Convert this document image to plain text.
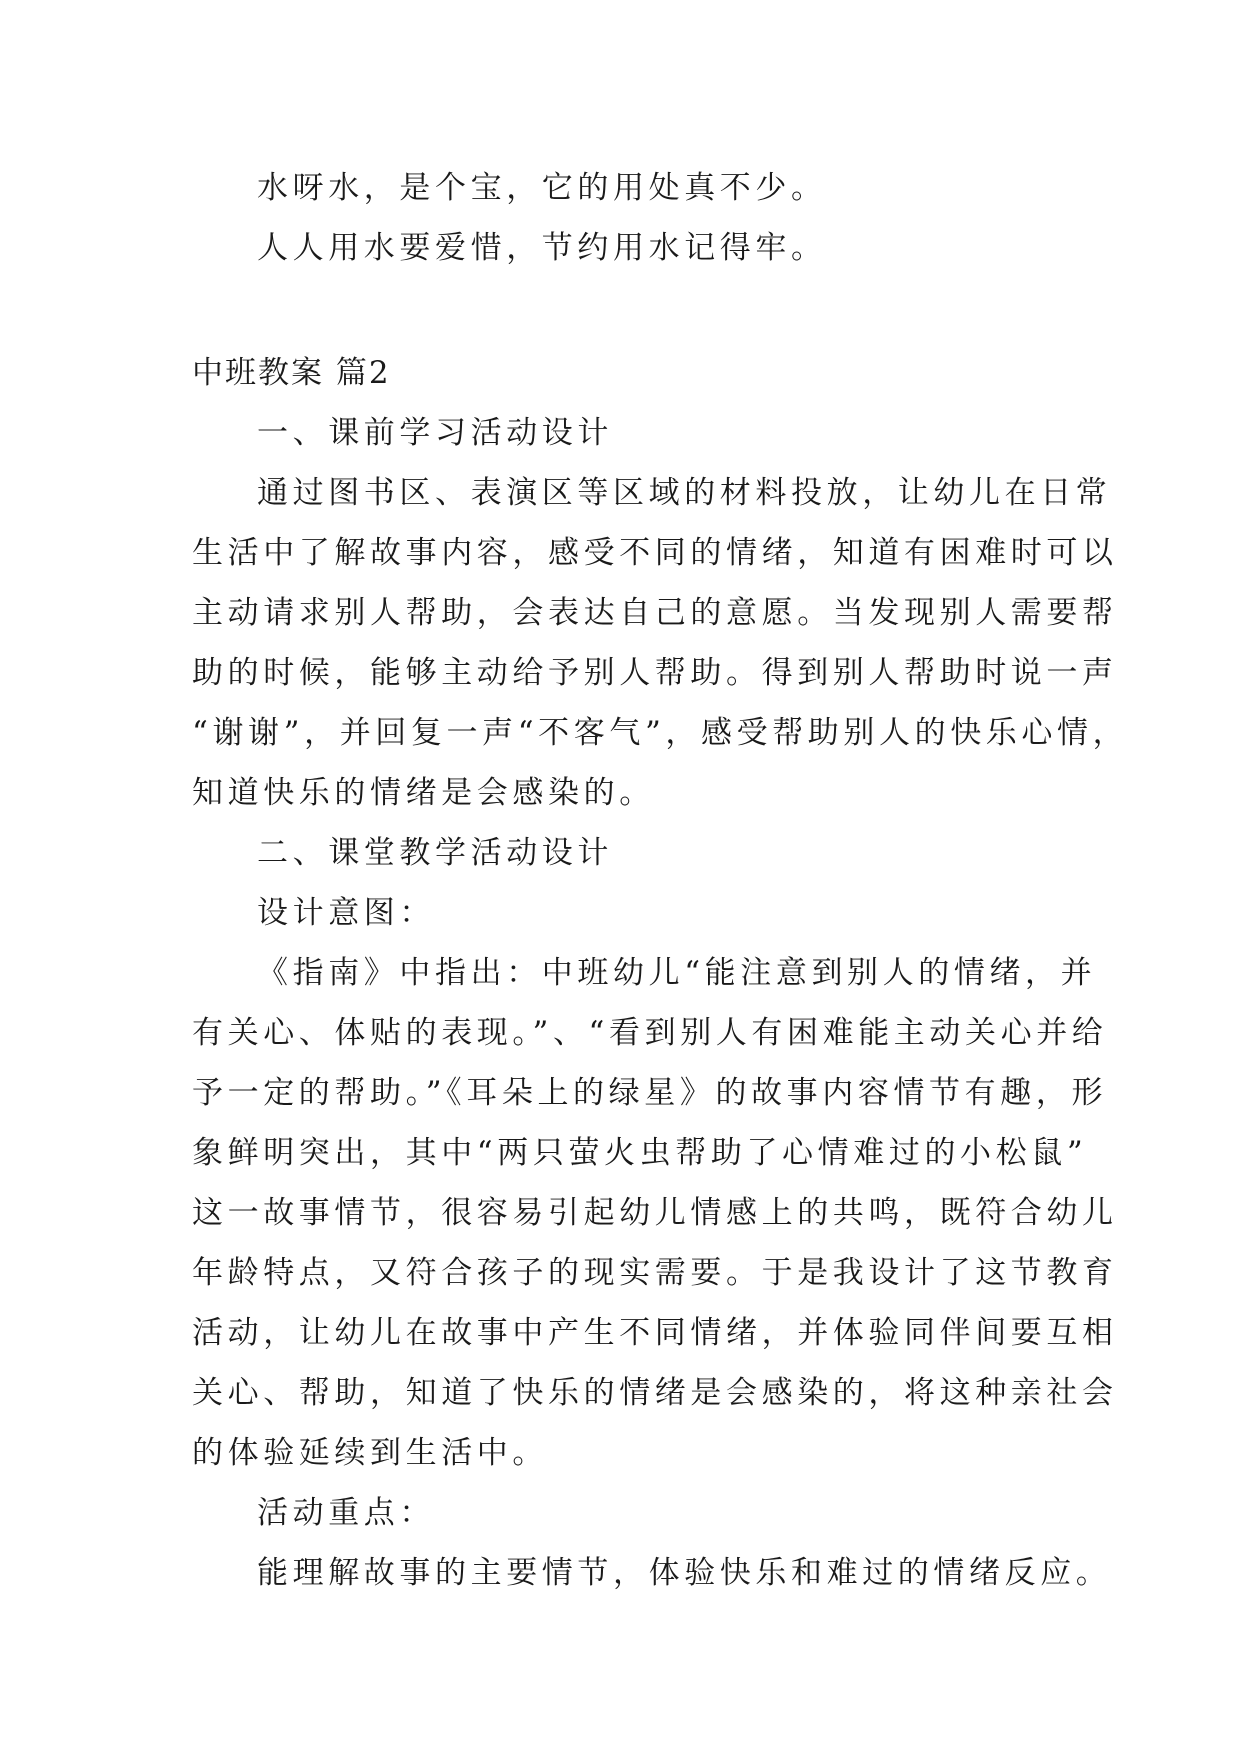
水呀水，是个宝，它的用处真不少。
人人用水要爱惜，节约用水记得牢。
中班教案 篇2
一、课前学习活动设计
通过图书区、表演区等区域的材料投放，让幼儿在日常
生活中了解故事内容，感受不同的情绪，知道有困难时可以
主动请求别人帮助，会表达自己的意愿。当发现别人需要帮
助的时候，能够主动给予别人帮助。得到别人帮助时说一声
“谢谢”，并回复一声“不客气”，感受帮助别人的快乐心情，
知道快乐的情绪是会感染的。
二、课堂教学活动设计
设计意图：
《指南》中指出：中班幼儿“能注意到别人的情绪，并
有关心、体贴的表现。”、“看到别人有困难能主动关心并给
予一定的帮助。”《耳朵上的绿星》的故事内容情节有趣，形
象鲜明突出，其中“两只萤火虫帮助了心情难过的小松鼠”
这一故事情节，很容易引起幼儿情感上的共鸣，既符合幼儿
年龄特点，又符合孩子的现实需要。于是我设计了这节教育
活动，让幼儿在故事中产生不同情绪，并体验同伴间要互相
关心、帮助，知道了快乐的情绪是会感染的，将这种亲社会
的体验延续到生活中。
活动重点：
能理解故事的主要情节，体验快乐和难过的情绪反应。
